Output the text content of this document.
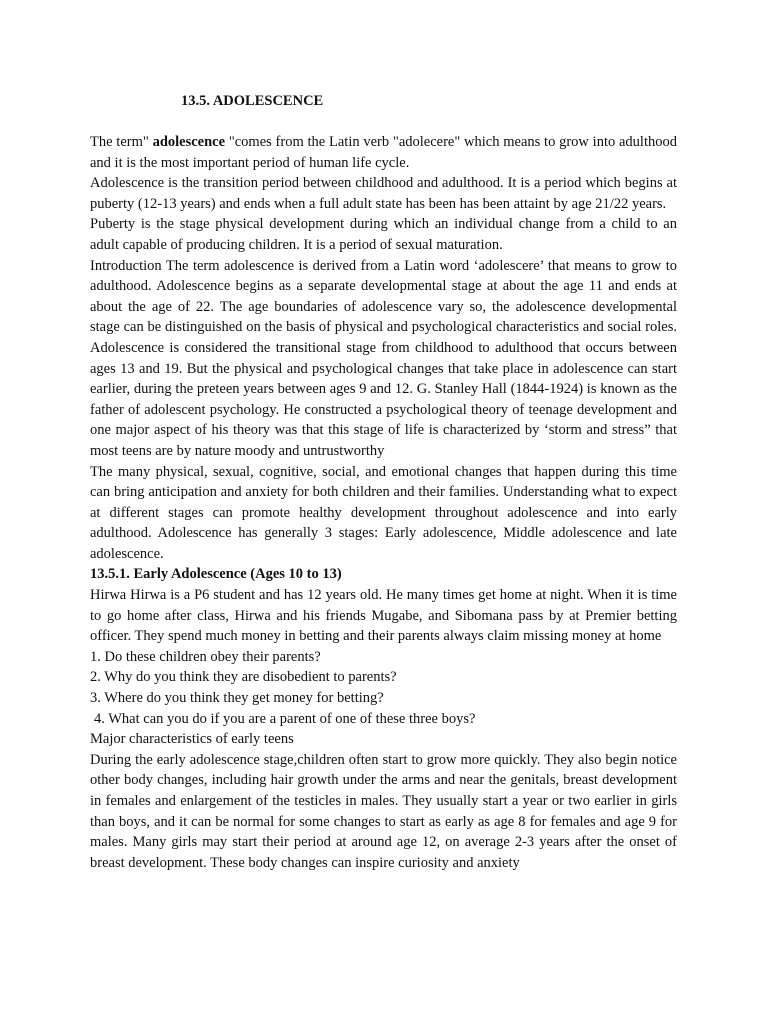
13.5. ADOLESCENCE

The term" adolescence "comes from the Latin verb "adolecere" which means to grow into adulthood and it is the most important period of human life cycle.

Adolescence is the transition period between childhood and adulthood. It is a period which begins at puberty (12-13 years) and ends when a full adult state has been has been attaint by age 21/22 years.

Puberty is the stage physical development during which an individual change from a child to an adult capable of producing children. It is a period of sexual maturation.

Introduction The term adolescence is derived from a Latin word ‘adolescere’ that means to grow to adulthood. Adolescence begins as a separate developmental stage at about the age 11 and ends at about the age of 22. The age boundaries of adolescence vary so, the adolescence developmental stage can be distinguished on the basis of physical and psychological characteristics and social roles. Adolescence is considered the transitional stage from childhood to adulthood that occurs between ages 13 and 19. But the physical and psychological changes that take place in adolescence can start earlier, during the preteen years between ages 9 and 12. G. Stanley Hall (1844-1924) is known as the father of adolescent psychology. He constructed a psychological theory of teenage development and one major aspect of his theory was that this stage of life is characterized by ‘storm and stress” that most teens are by nature moody and untrustworthy

The many physical, sexual, cognitive, social, and emotional changes that happen during this time can bring anticipation and anxiety for both children and their families. Understanding what to expect at different stages can promote healthy development throughout adolescence and into early adulthood. Adolescence has generally 3 stages: Early adolescence, Middle adolescence and late adolescence.

13.5.1. Early Adolescence (Ages 10 to 13)

Hirwa Hirwa is a P6 student and has 12 years old. He many times get home at night. When it is time to go home after class, Hirwa and his friends Mugabe, and Sibomana pass by at Premier betting officer. They spend much money in betting and their parents always claim missing money at home

1. Do these children obey their parents?

2. Why do you think they are disobedient to parents?

3. Where do you think they get money for betting?

4. What can you do if you are a parent of one of these three boys?

Major characteristics of early teens

During the early adolescence stage,children often start to grow more quickly. They also begin notice other body changes, including hair growth under the arms and near the genitals, breast development in females and enlargement of the testicles in males. They usually start a year or two earlier in girls than boys, and it can be normal for some changes to start as early as age 8 for females and age 9 for males. Many girls may start their period at around age 12, on average 2-3 years after the onset of breast development. These body changes can inspire curiosity and anxiety
